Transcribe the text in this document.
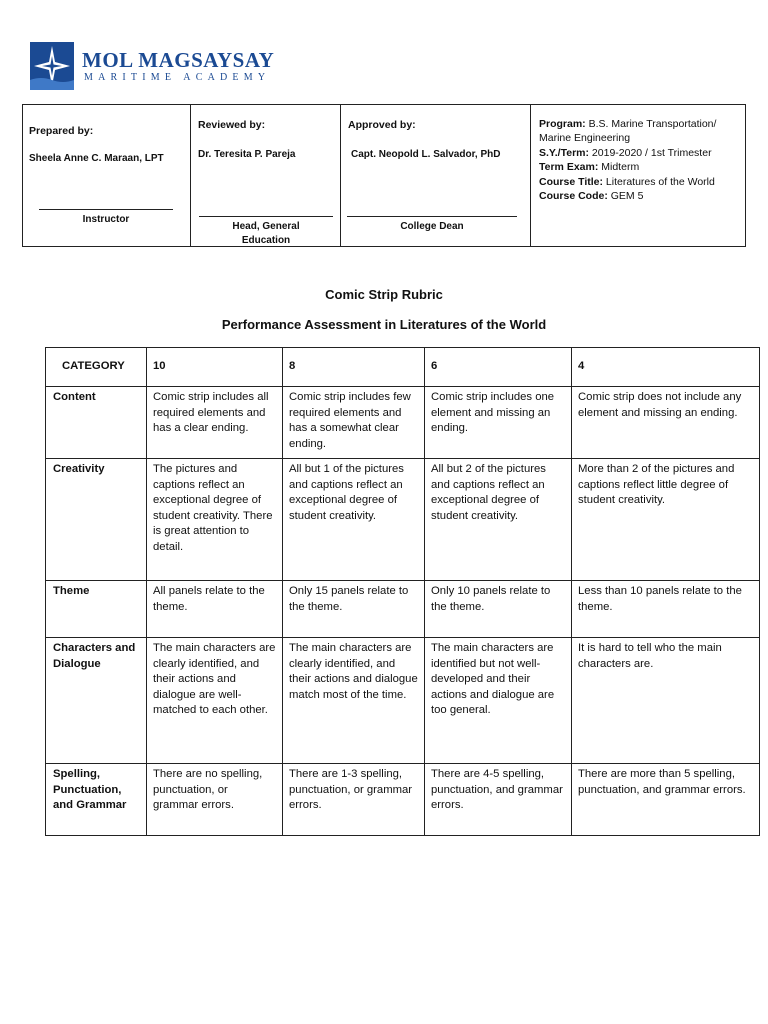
MOL MAGSAYSAY
MARITIME ACADEMY
Prepared by:
Sheela Anne C. Maraan, LPT
Instructor
Reviewed by:
Dr. Teresita P. Pareja
Head, General Education
Approved by:
Capt. Neopold L. Salvador, PhD
College Dean
Program: B.S. Marine Transportation/ Marine Engineering
S.Y./Term: 2019-2020 / 1st Trimester
Term Exam: Midterm
Course Title: Literatures of the World
Course Code: GEM 5
Comic Strip Rubric
Performance Assessment in Literatures of the World
CATEGORY	10	8	6	4
Content	Comic strip includes all required elements and has a clear ending.	Comic strip includes few required elements and has a somewhat clear ending.	Comic strip includes one element and missing an ending.	Comic strip does not include any element and missing an ending.
Creativity	The pictures and captions reflect an exceptional degree of student creativity. There is great attention to detail.	All but 1 of the pictures and captions reflect an exceptional degree of student creativity.	All but 2 of the pictures and captions reflect an exceptional degree of student creativity.	More than 2 of the pictures and captions reflect little degree of student creativity.
Theme	All panels relate to the theme.	Only 15 panels relate to the theme.	Only 10 panels relate to the theme.	Less than 10 panels relate to the theme.
Characters and Dialogue	The main characters are clearly identified, and their actions and dialogue are well-matched to each other.	The main characters are clearly identified, and their actions and dialogue match most of the time.	The main characters are identified but not well-developed and their actions and dialogue are too general.	It is hard to tell who the main characters are.
Spelling, Punctuation, and Grammar	There are no spelling, punctuation, or grammar errors.	There are 1-3 spelling, punctuation, or grammar errors.	There are 4-5 spelling, punctuation, and grammar errors.	There are more than 5 spelling, punctuation, and grammar errors.
